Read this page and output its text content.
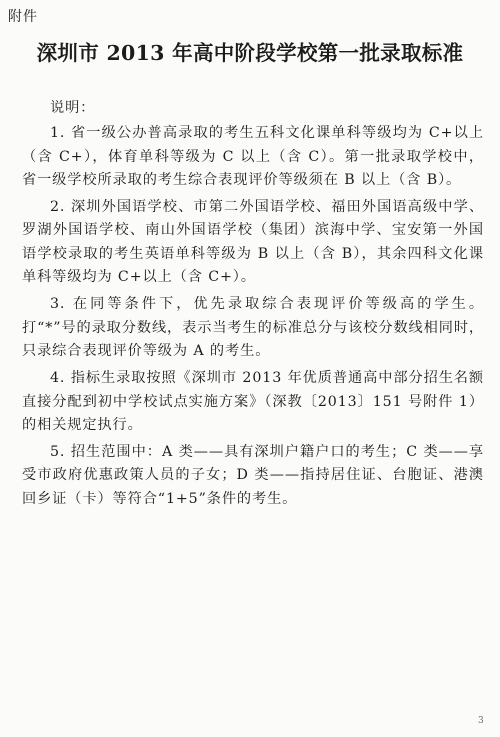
附件
深圳市 2013 年高中阶段学校第一批录取标准

说明：

1. 省一级公办普高录取的考生五科文化课单科等级均为 C+以上（含 C+），体育单科等级为 C 以上（含 C）。第一批录取学校中，省一级学校所录取的考生综合表现评价等级须在 B 以上（含 B）。

2. 深圳外国语学校、市第二外国语学校、福田外国语高级中学、罗湖外国语学校、南山外国语学校（集团）滨海中学、宝安第一外国语学校录取的考生英语单科等级为 B 以上（含 B），其余四科文化课单科等级均为 C+以上（含 C+）。

3. 在同等条件下，优先录取综合表现评价等级高的学生。打“*”号的录取分数线，表示当考生的标准总分与该校分数线相同时，只录综合表现评价等级为 A 的考生。

4. 指标生录取按照《深圳市 2013 年优质普通高中部分招生名额直接分配到初中学校试点实施方案》（深教〔2013〕151 号附件 1）的相关规定执行。

5. 招生范围中：A 类——具有深圳户籍户口的考生；C 类——享受市政府优惠政策人员的子女；D 类——指持居住证、台胞证、港澳回乡证（卡）等符合“1+5”条件的考生。

3
